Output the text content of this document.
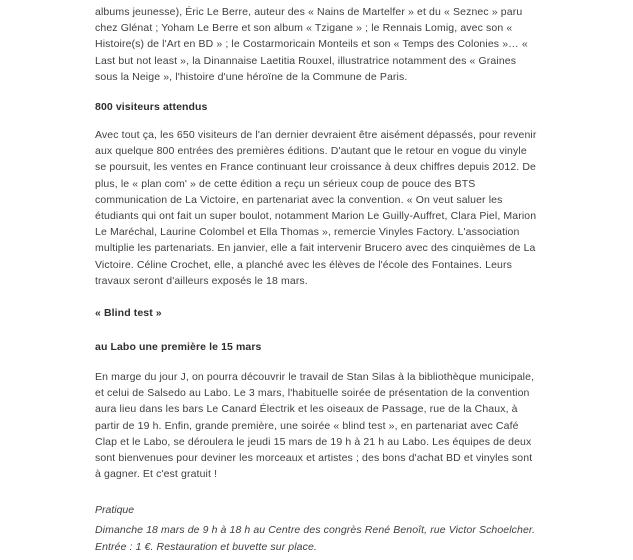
albums jeunesse), Éric Le Berre, auteur des « Nains de Martelfer » et du « Seznec » paru chez Glénat ; Yoham Le Berre et son album « Tzigane » ; le Rennais Lomig, avec son « Histoire(s) de l'Art en BD » ; le Costarmoricain Monteils et son « Temps des Colonies »… « Last but not least », la Dinannaise Laetitia Rouxel, illustratrice notamment des « Graines sous la Neige », l'histoire d'une héroïne de la Commune de Paris.

800 visiteurs attendus

Avec tout ça, les 650 visiteurs de l'an dernier devraient être aisément dépassés, pour revenir aux quelque 800 entrées des premières éditions. D'autant que le retour en vogue du vinyle se poursuit, les ventes en France continuant leur croissance à deux chiffres depuis 2012. De plus, le « plan com' » de cette édition a reçu un sérieux coup de pouce des BTS communication de La Victoire, en partenariat avec la convention. « On veut saluer les étudiants qui ont fait un super boulot, notamment Marion Le Guilly-Auffret, Clara Piel, Marion Le Maréchal, Laurine Colombel et Ella Thomas », remercie Vinyles Factory. L'association multiplie les partenariats. En janvier, elle a fait intervenir Brucero avec des cinquièmes de La Victoire. Céline Crochet, elle, a planché avec les élèves de l'école des Fontaines. Leurs travaux seront d'ailleurs exposés le 18 mars.

« Blind test »
au Labo une première le 15 mars

En marge du jour J, on pourra découvrir le travail de Stan Silas à la bibliothèque municipale, et celui de Salsedo au Labo. Le 3 mars, l'habituelle soirée de présentation de la convention aura lieu dans les bars Le Canard Électrik et les oiseaux de Passage, rue de la Chaux, à partir de 19 h. Enfin, grande première, une soirée « blind test », en partenariat avec Café Clap et le Labo, se déroulera le jeudi 15 mars de 19 h à 21 h au Labo. Les équipes de deux sont bienvenues pour deviner les morceaux et artistes ; des bons d'achat BD et vinyles sont à gagner. Et c'est gratuit !

Pratique

Dimanche 18 mars de 9 h à 18 h au Centre des congrès René Benoît, rue Victor Schoelcher. Entrée : 1 €. Restauration et buvette sur place.
